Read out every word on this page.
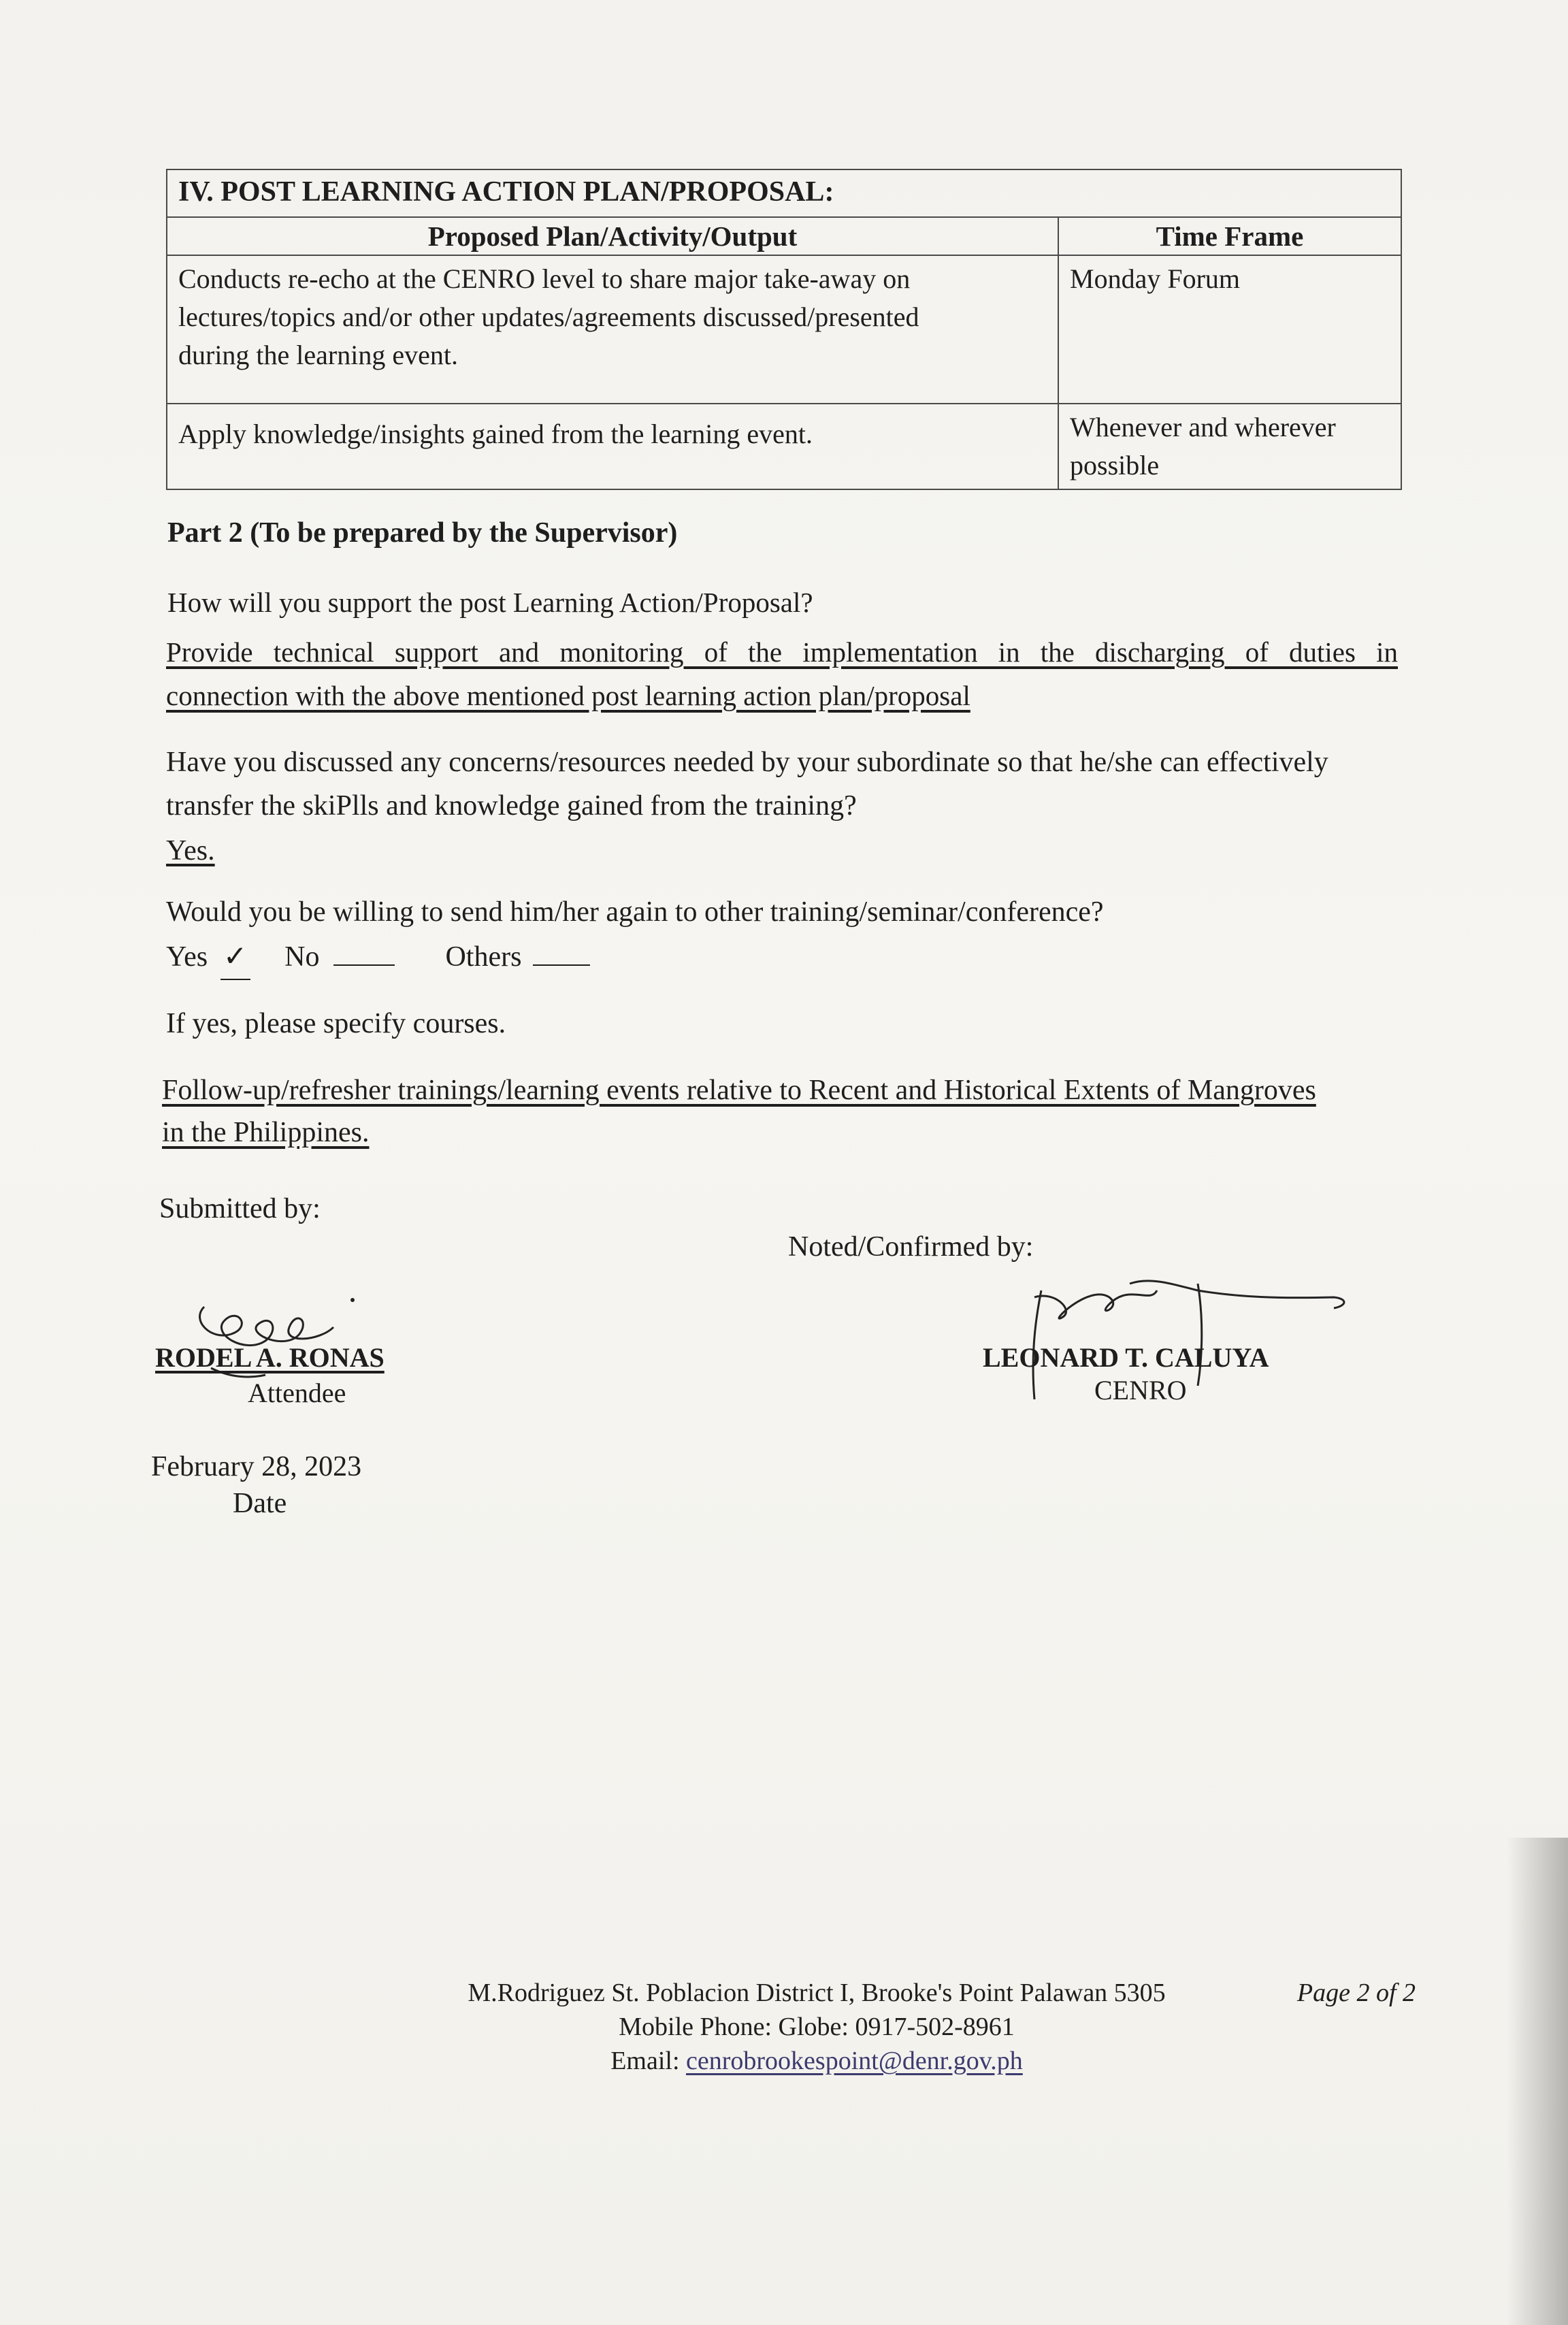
IV. POST LEARNING ACTION PLAN/PROPOSAL:	
Proposed Plan/Activity/Output	Time Frame

Conducts re-echo at the CENRO level to share major take-away on
lectures/topics and/or other updates/agreements discussed/presented
during the learning event.	Monday Forum

Apply knowledge/insights gained from the learning event.	Whenever and wherever
possible
Part 2 (To be prepared by the Supervisor)
How will you support the post Learning Action/Proposal?
Provide technical support and monitoring of the implementation in the discharging of duties in
connection with the above mentioned post learning action plan/proposal
Have you discussed any concerns/resources needed by your subordinate so that he/she can effectively
transfer the skiPlls and knowledge gained from the training?
Yes.
Would you be willing to send him/her again to other training/seminar/conference?
Yes ✓ No	Others
If yes, please specify courses.
Follow-up/refresher trainings/learning events relative to Recent and Historical Extents of Mangroves
in the Philippines.
Submitted by:
Noted/Confirmed by:
RODEL A. RONAS
Attendee
February 28, 2023
Date
LEONARD T. CALUYA
CENRO
M.Rodriguez St. Poblacion District I, Brooke's Point Palawan 5305	Page 2 of 2
Mobile Phone: Globe: 0917-502-8961
Email: cenrobrookespoint@denr.gov.ph
